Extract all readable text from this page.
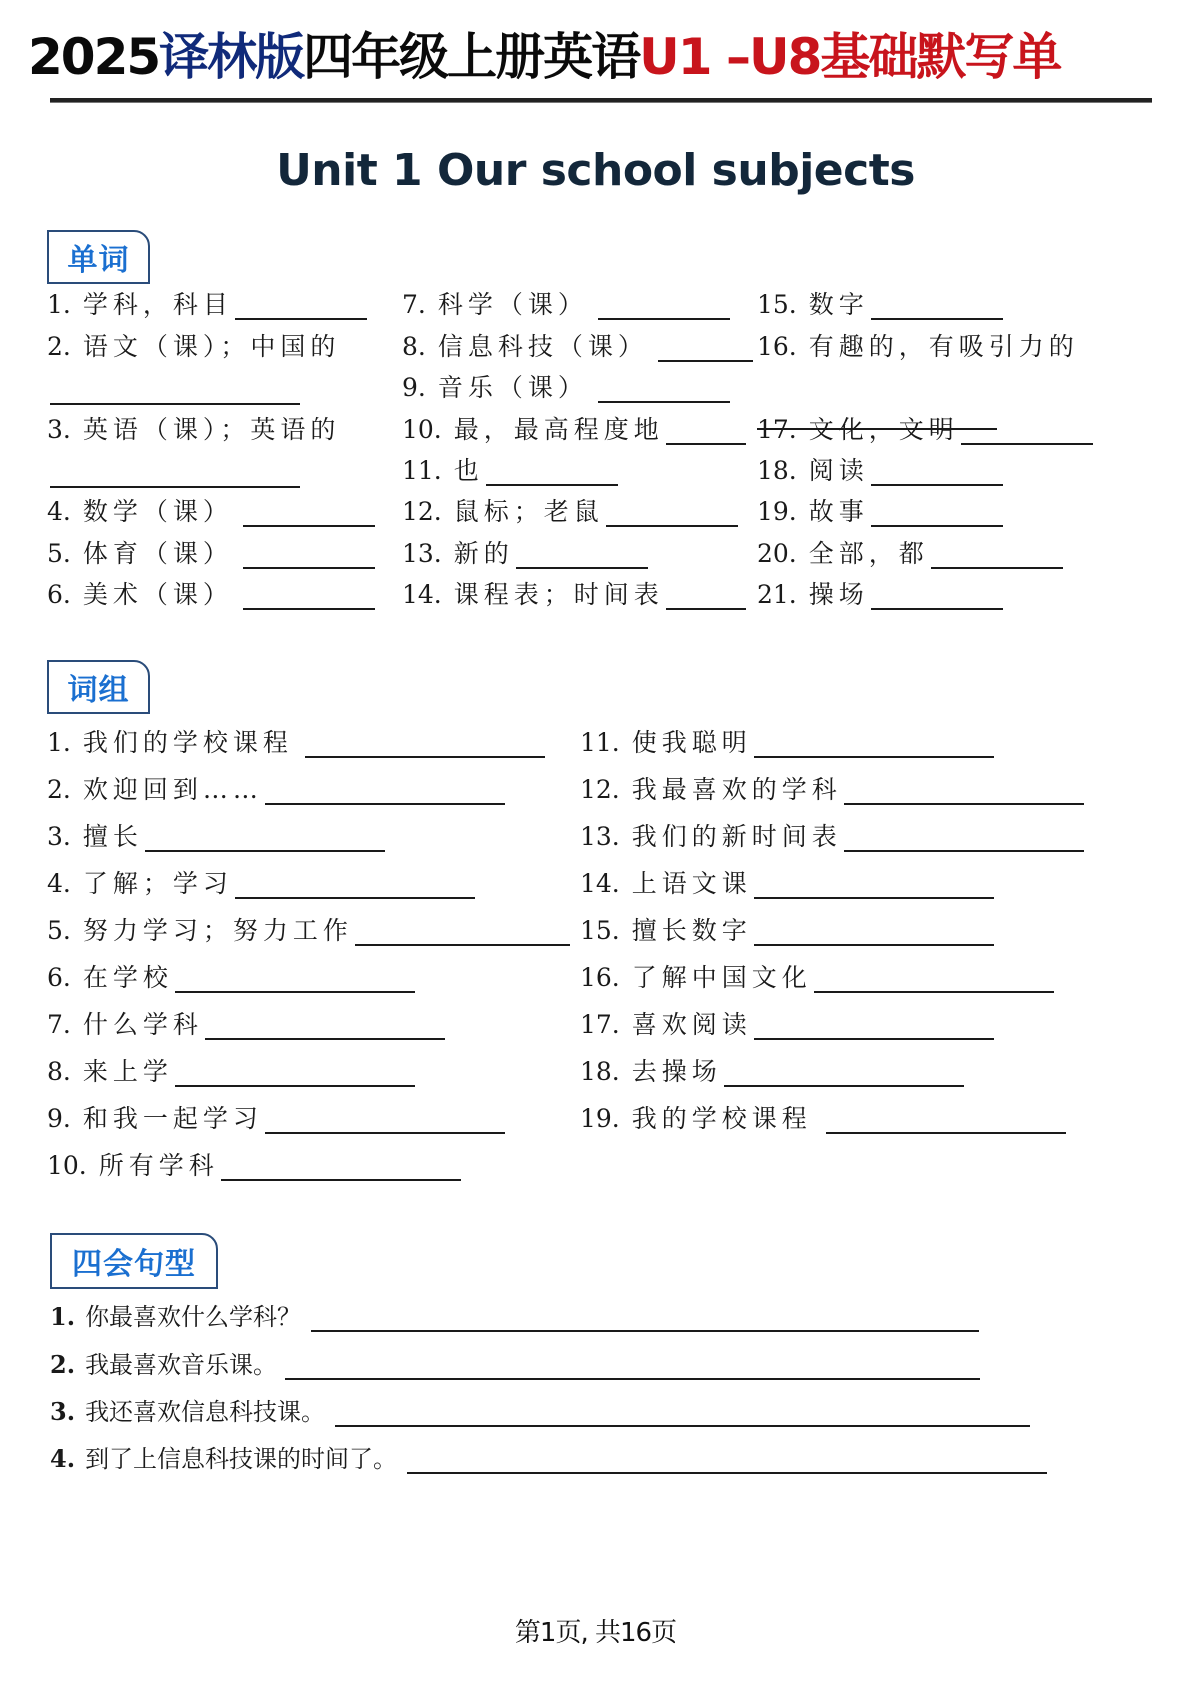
2025译林版四年级上册英语U1 –U8基础默写单
Unit 1 Our school subjects
单词
1. 学科，科目
2. 语文（课）；中国的
3. 英语（课）；英语的
4. 数学（课）
5. 体育（课）
6. 美术（课）
7. 科学（课）
8. 信息科技（课）
9. 音乐（课）
10. 最，最高程度地
11. 也
12. 鼠标；老鼠
13. 新的
14. 课程表；时间表
15. 数字
16. 有趣的，有吸引力的
17. 文化，文明
18. 阅读
19. 故事
20. 全部，都
21. 操场
词组
1. 我们的学校课程
2. 欢迎回到……
3. 擅长
4. 了解；学习
5. 努力学习；努力工作
6. 在学校
7. 什么学科
8. 来上学
9. 和我一起学习
10. 所有学科
11. 使我聪明
12. 我最喜欢的学科
13. 我们的新时间表
14. 上语文课
15. 擅长数字
16. 了解中国文化
17. 喜欢阅读
18. 去操场
19. 我的学校课程
四会句型
1. 你最喜欢什么学科？
2. 我最喜欢音乐课。
3. 我还喜欢信息科技课。
4. 到了上信息科技课的时间了。
第1页, 共16页
